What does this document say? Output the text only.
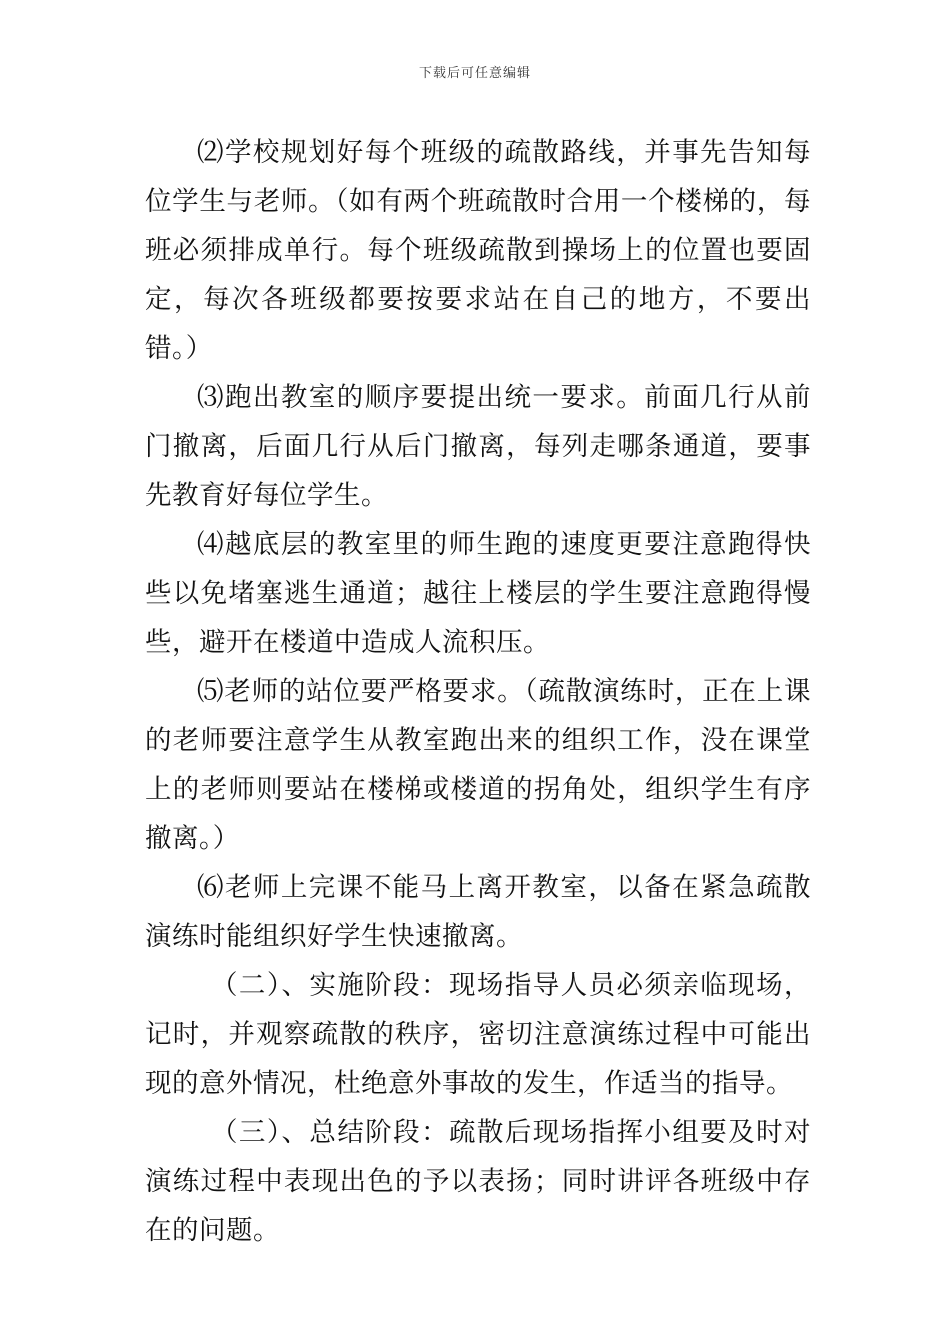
下载后可任意编辑

⑵学校规划好每个班级的疏散路线，并事先告知每位学生与老师。（如有两个班疏散时合用一个楼梯的，每班必须排成单行。每个班级疏散到操场上的位置也要固定，每次各班级都要按要求站在自己的地方，不要出错。）

⑶跑出教室的顺序要提出统一要求。前面几行从前门撤离，后面几行从后门撤离，每列走哪条通道，要事先教育好每位学生。

⑷越底层的教室里的师生跑的速度更要注意跑得快些以免堵塞逃生通道；越往上楼层的学生要注意跑得慢些，避开在楼道中造成人流积压。

⑸老师的站位要严格要求。（疏散演练时，正在上课的老师要注意学生从教室跑出来的组织工作，没在课堂上的老师则要站在楼梯或楼道的拐角处，组织学生有序撤离。）

⑹老师上完课不能马上离开教室，以备在紧急疏散演练时能组织好学生快速撤离。

（二）、实施阶段：现场指导人员必须亲临现场，记时，并观察疏散的秩序，密切注意演练过程中可能出现的意外情况，杜绝意外事故的发生，作适当的指导。

（三）、总结阶段：疏散后现场指挥小组要及时对演练过程中表现出色的予以表扬；同时讲评各班级中存在的问题。
